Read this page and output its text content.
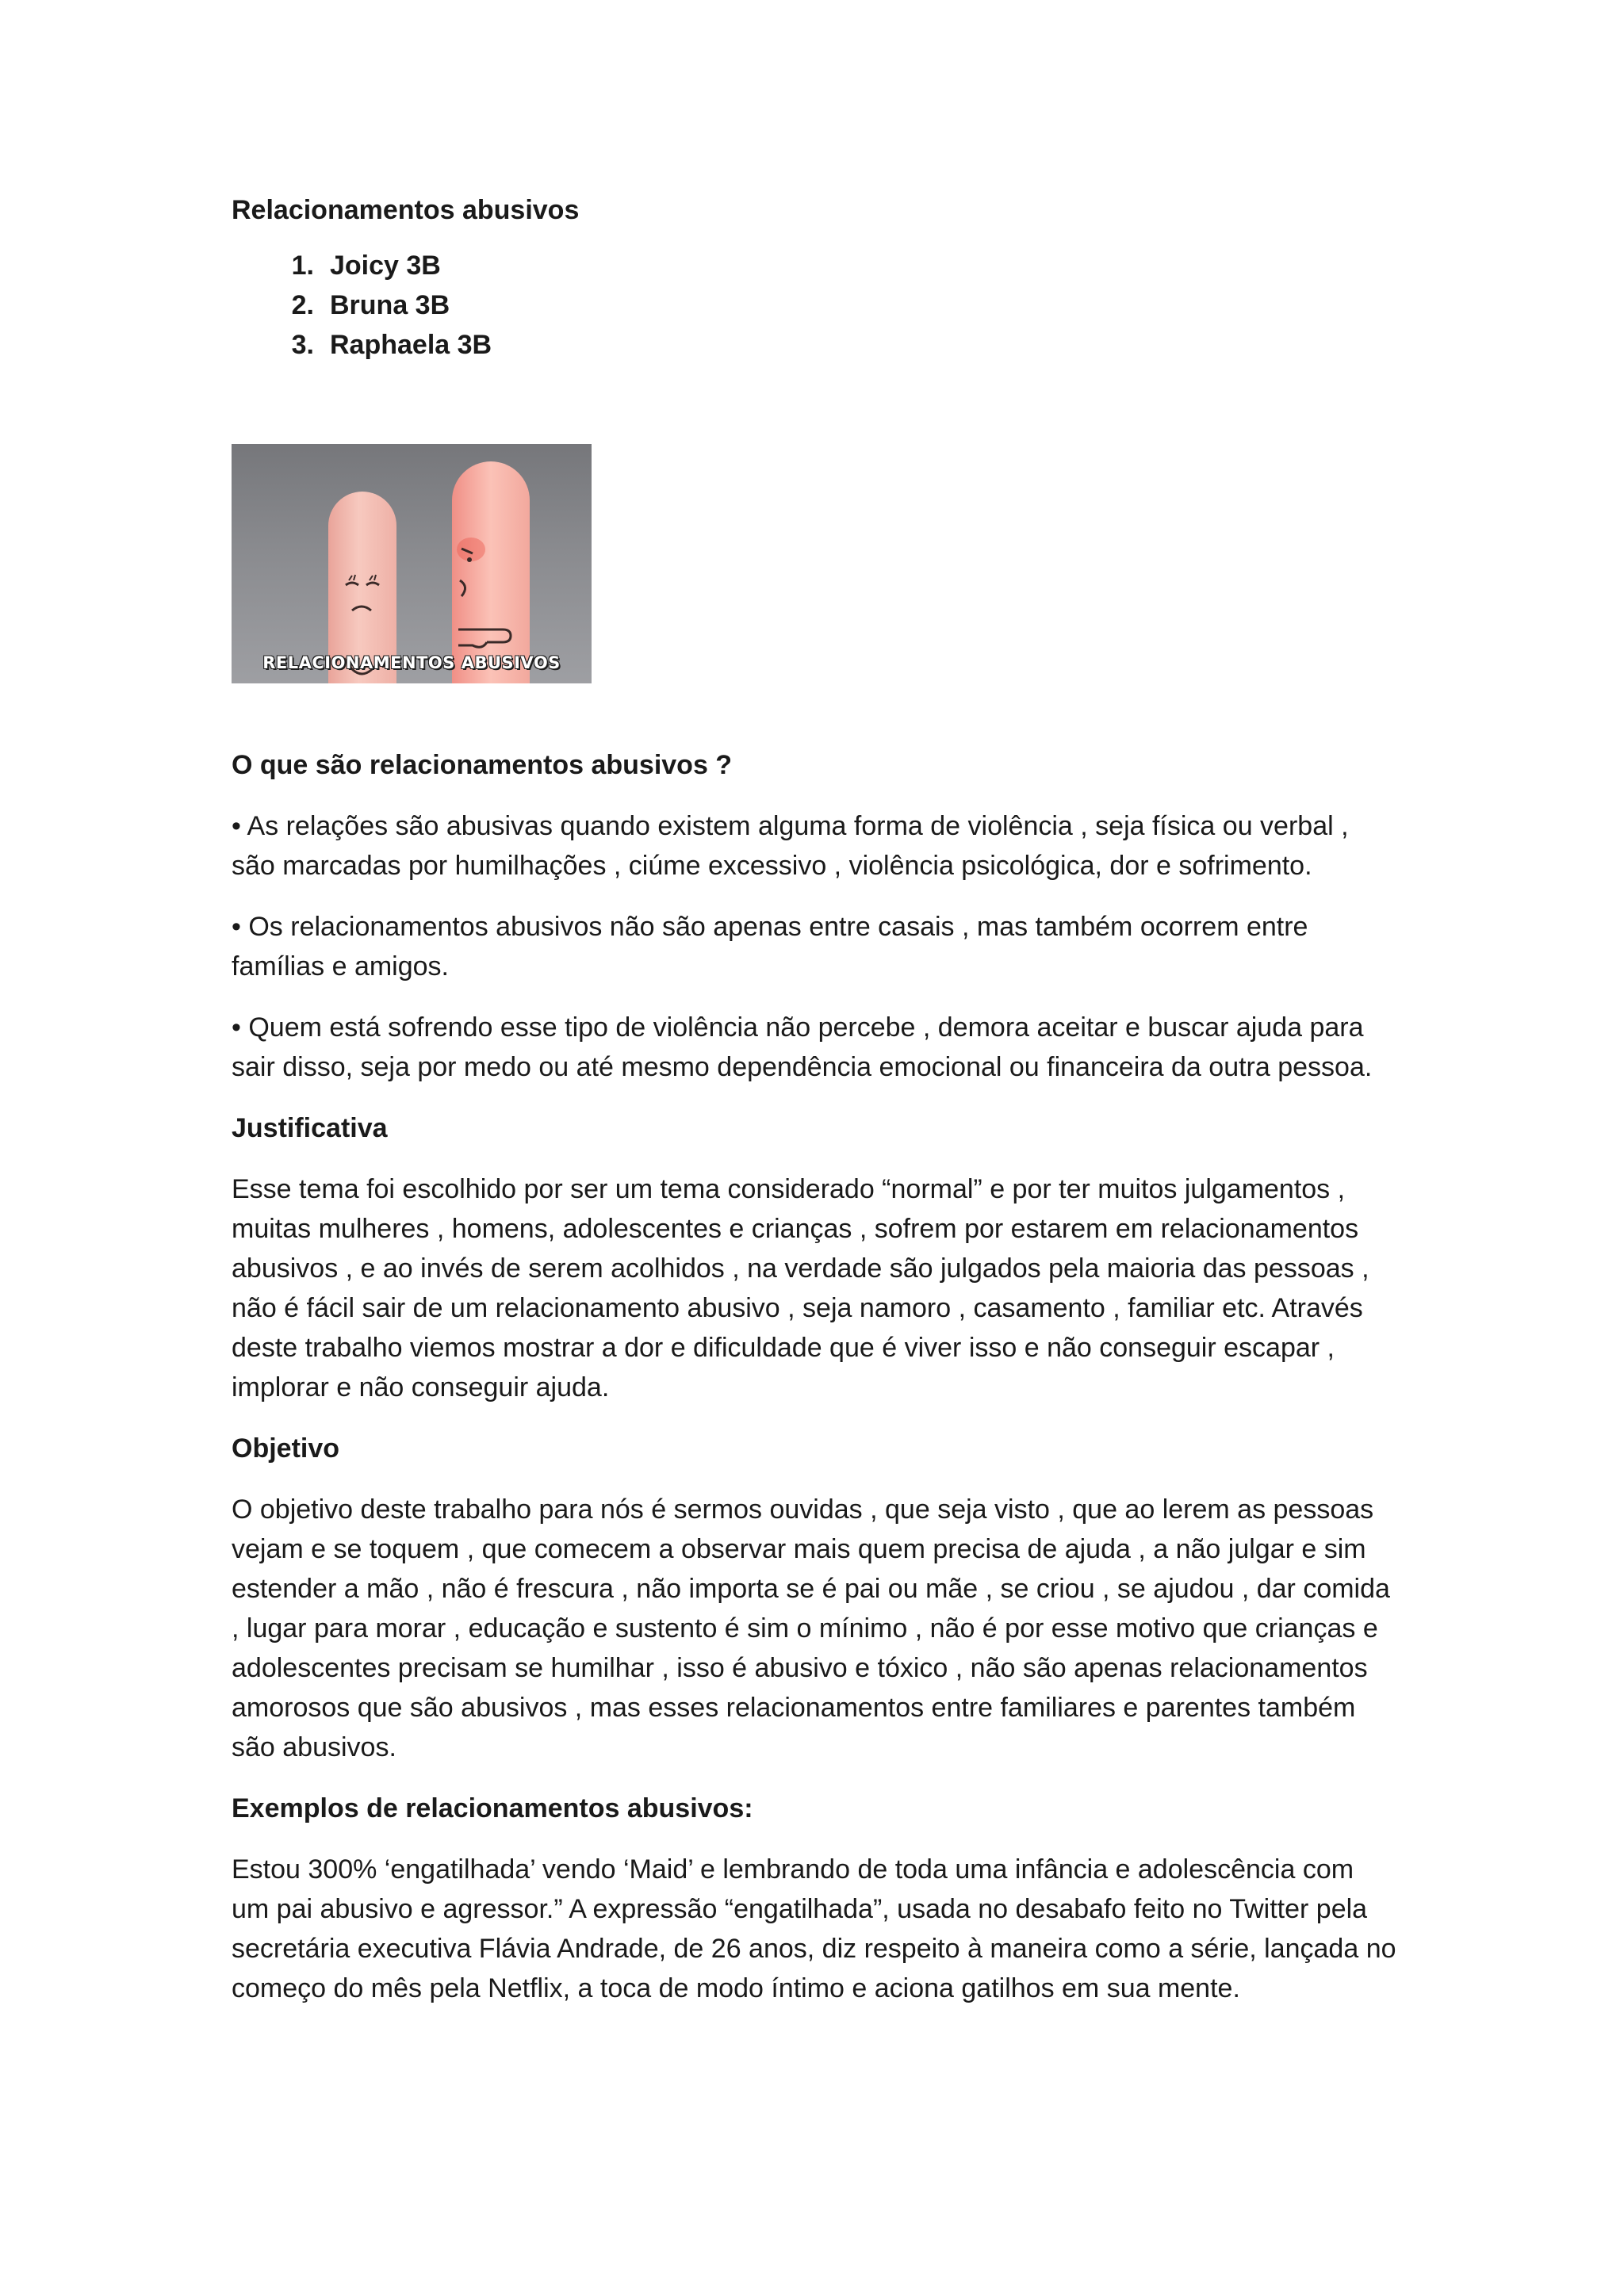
Relacionamentos abusivos

1. Joicy 3B
2. Bruna 3B
3. Raphaela 3B
RELACIONAMENTOS ABUSIVOS

O que são relacionamentos abusivos ?

• As relações são abusivas quando existem alguma forma de violência , seja física ou verbal , são marcadas por humilhações , ciúme excessivo , violência psicológica, dor e sofrimento.

• Os relacionamentos abusivos não são apenas entre casais , mas também ocorrem entre famílias e amigos.

• Quem está sofrendo esse tipo de violência não percebe , demora aceitar e buscar ajuda para sair disso, seja por medo ou até mesmo dependência emocional ou financeira da outra pessoa.

Justificativa

Esse tema foi escolhido por ser um tema considerado “normal” e por ter muitos julgamentos , muitas mulheres , homens, adolescentes e crianças , sofrem por estarem em relacionamentos abusivos , e ao invés de serem acolhidos , na verdade são julgados pela maioria das pessoas , não é fácil sair de um relacionamento abusivo , seja namoro , casamento , familiar etc. Através deste trabalho viemos mostrar a dor e dificuldade que é viver isso e não conseguir escapar , implorar e não conseguir ajuda.

Objetivo

O objetivo deste trabalho para nós é sermos ouvidas , que seja visto , que ao lerem as pessoas vejam e se toquem , que comecem a observar mais quem precisa de ajuda , a não julgar e sim estender a mão , não é frescura , não importa se é pai ou mãe , se criou , se ajudou , dar comida , lugar para morar , educação e sustento é sim o mínimo , não é por esse motivo que crianças e adolescentes precisam se humilhar , isso é abusivo e tóxico , não são apenas relacionamentos amorosos que são abusivos , mas esses relacionamentos entre familiares e parentes também são abusivos.

Exemplos de relacionamentos abusivos:

Estou 300% ‘engatilhada’ vendo ‘Maid’ e lembrando de toda uma infância e adolescência com um pai abusivo e agressor.” A expressão “engatilhada”, usada no desabafo feito no Twitter pela secretária executiva Flávia Andrade, de 26 anos, diz respeito à maneira como a série, lançada no começo do mês pela Netflix, a toca de modo íntimo e aciona gatilhos em sua mente.
